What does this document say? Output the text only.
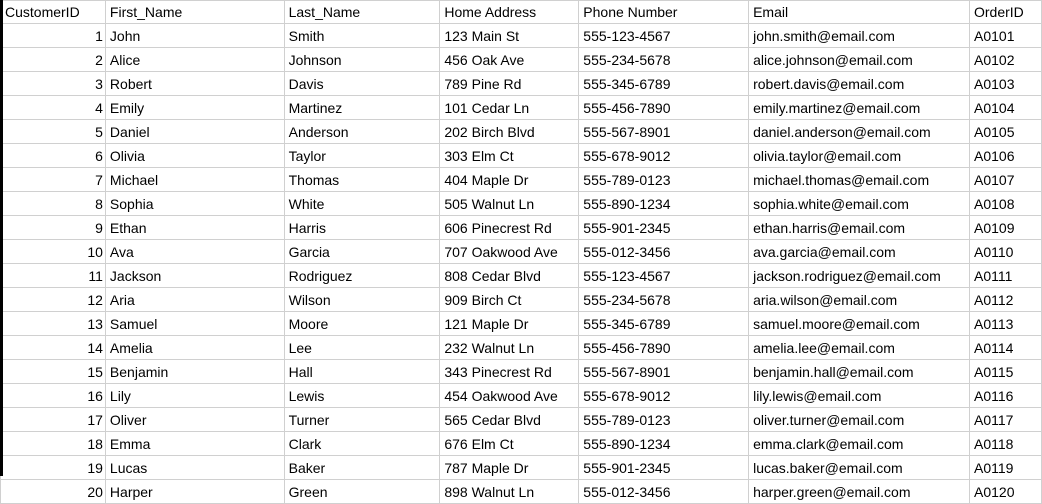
CustomerID	First_Name	Last_Name	Home Address	Phone Number	Email	OrderID
1	John	Smith	123 Main St	555-123-4567	john.smith@email.com	A0101
2	Alice	Johnson	456 Oak Ave	555-234-5678	alice.johnson@email.com	A0102
3	Robert	Davis	789 Pine Rd	555-345-6789	robert.davis@email.com	A0103
4	Emily	Martinez	101 Cedar Ln	555-456-7890	emily.martinez@email.com	A0104
5	Daniel	Anderson	202 Birch Blvd	555-567-8901	daniel.anderson@email.com	A0105
6	Olivia	Taylor	303 Elm Ct	555-678-9012	olivia.taylor@email.com	A0106
7	Michael	Thomas	404 Maple Dr	555-789-0123	michael.thomas@email.com	A0107
8	Sophia	White	505 Walnut Ln	555-890-1234	sophia.white@email.com	A0108
9	Ethan	Harris	606 Pinecrest Rd	555-901-2345	ethan.harris@email.com	A0109
10	Ava	Garcia	707 Oakwood Ave	555-012-3456	ava.garcia@email.com	A0110
11	Jackson	Rodriguez	808 Cedar Blvd	555-123-4567	jackson.rodriguez@email.com	A0111
12	Aria	Wilson	909 Birch Ct	555-234-5678	aria.wilson@email.com	A0112
13	Samuel	Moore	121 Maple Dr	555-345-6789	samuel.moore@email.com	A0113
14	Amelia	Lee	232 Walnut Ln	555-456-7890	amelia.lee@email.com	A0114
15	Benjamin	Hall	343 Pinecrest Rd	555-567-8901	benjamin.hall@email.com	A0115
16	Lily	Lewis	454 Oakwood Ave	555-678-9012	lily.lewis@email.com	A0116
17	Oliver	Turner	565 Cedar Blvd	555-789-0123	oliver.turner@email.com	A0117
18	Emma	Clark	676 Elm Ct	555-890-1234	emma.clark@email.com	A0118
19	Lucas	Baker	787 Maple Dr	555-901-2345	lucas.baker@email.com	A0119
20	Harper	Green	898 Walnut Ln	555-012-3456	harper.green@email.com	A0120
